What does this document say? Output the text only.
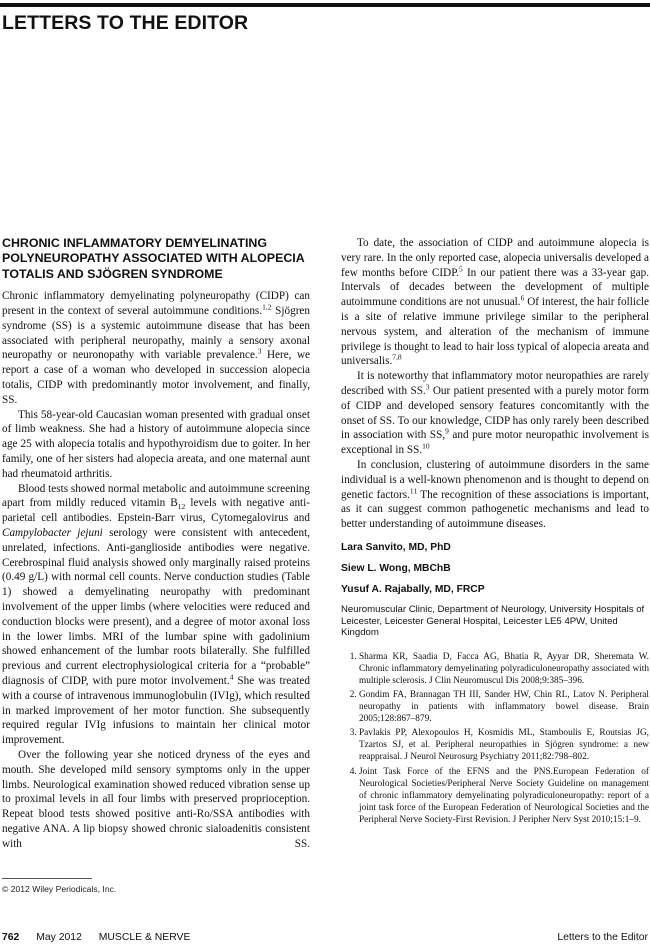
LETTERS TO THE EDITOR
CHRONIC INFLAMMATORY DEMYELINATING POLYNEUROPATHY ASSOCIATED WITH ALOPECIA TOTALIS AND SJÖGREN SYNDROME

Chronic inflammatory demyelinating polyneuropathy (CIDP) can present in the context of several autoimmune conditions.$^{1,2}$ Sjögren syndrome (SS) is a systemic autoimmune disease that has been associated with peripheral neuropathy, mainly a sensory axonal neuropathy or neuronopathy with variable prevalence.$^3$ Here, we report a case of a woman who developed in succession alopecia totalis, CIDP with predominantly motor involvement, and finally, SS.

This 58-year-old Caucasian woman presented with gradual onset of limb weakness. She had a history of autoimmune alopecia since age 25 with alopecia totalis and hypothyroidism due to goiter. In her family, one of her sisters had alopecia areata, and one maternal aunt had rheumatoid arthritis.

Blood tests showed normal metabolic and autoimmune screening apart from mildly reduced vitamin $B_{12}$ levels with negative anti-parietal cell antibodies. Epstein-Barr virus, Cytomegalovirus and Campylobacter jejuni serology were consistent with antecedent, unrelated, infections. Anti-ganglioside antibodies were negative. Cerebrospinal fluid analysis showed only marginally raised proteins (0.49 g/L) with normal cell counts. Nerve conduction studies (Table 1) showed a demyelinating neuropathy with predominant involvement of the upper limbs (where velocities were reduced and conduction blocks were present), and a degree of motor axonal loss in the lower limbs. MRI of the lumbar spine with gadolinium showed enhancement of the lumbar roots bilaterally. She fulfilled previous and current electrophysiological criteria for a “probable” diagnosis of CIDP, with pure motor involvement.$^4$ She was treated with a course of intravenous immunoglobulin (IVIg), which resulted in marked improvement of her motor function. She subsequently required regular IVIg infusions to maintain her clinical motor improvement.

Over the following year she noticed dryness of the eyes and mouth. She developed mild sensory symptoms only in the upper limbs. Neurological examination showed reduced vibration sense up to proximal levels in all four limbs with preserved proprioception. Repeat blood tests showed positive anti-Ro/SSA antibodies with negative ANA. A lip biopsy showed chronic sialoadenitis consistent with SS.

To date, the association of CIDP and autoimmune alopecia is very rare. In the only reported case, alopecia universalis developed a few months before CIDP.$^5$ In our patient there was a 33-year gap. Intervals of decades between the development of multiple autoimmune conditions are not unusual.$^6$ Of interest, the hair follicle is a site of relative immune privilege similar to the peripheral nervous system, and alteration of the mechanism of immune privilege is thought to lead to hair loss typical of alopecia areata and universalis.$^{7,8}$

It is noteworthy that inflammatory motor neuropathies are rarely described with SS.$^3$ Our patient presented with a purely motor form of CIDP and developed sensory features concomitantly with the onset of SS. To our knowledge, CIDP has only rarely been described in association with SS,$^9$ and pure motor neuropathic involvement is exceptional in SS.$^{10}$

In conclusion, clustering of autoimmune disorders in the same individual is a well-known phenomenon and is thought to depend on genetic factors.$^{11}$ The recognition of these associations is important, as it can suggest common pathogenetic mechanisms and lead to better understanding of autoimmune diseases.

Lara Sanvito, MD, PhD
Siew L. Wong, MBChB
Yusuf A. Rajabally, MD, FRCP
Neuromuscular Clinic, Department of Neurology, University Hospitals of Leicester, Leicester General Hospital, Leicester LE5 4PW, United Kingdom
1. Sharma KR, Saadia D, Facca AG, Bhatia R, Ayyar DR, Sheremata W. Chronic inflammatory demyelinating polyradiculoneuropathy associated with multiple sclerosis. J Clin Neuromuscul Dis 2008;9:385–396.
2. Gondim FA, Brannagan TH III, Sander HW, Chin RL, Latov N. Peripheral neuropathy in patients with inflammatory bowel disease. Brain 2005;128:867–879.
3. Pavlakis PP, Alexopoulos H, Kosmidis ML, Stamboulis E, Routsias JG, Tzartos SJ, et al. Peripheral neuropathies in Sjögren syndrome: a new reappraisal. J Neurol Neurosurg Psychiatry 2011;82:798–802.
4. Joint Task Force of the EFNS and the PNS.European Federation of Neurological Societies/Peripheral Nerve Society Guideline on management of chronic inflammatory demyelinating polyradiculoneuropathy: report of a joint task force of the European Federation of Neurological Societies and the Peripheral Nerve Society-First Revision. J Peripher Nerv Syst 2010;15:1–9.
© 2012 Wiley Periodicals, Inc.
762 May 2012 MUSCLE & NERVE	Letters to the Editor
